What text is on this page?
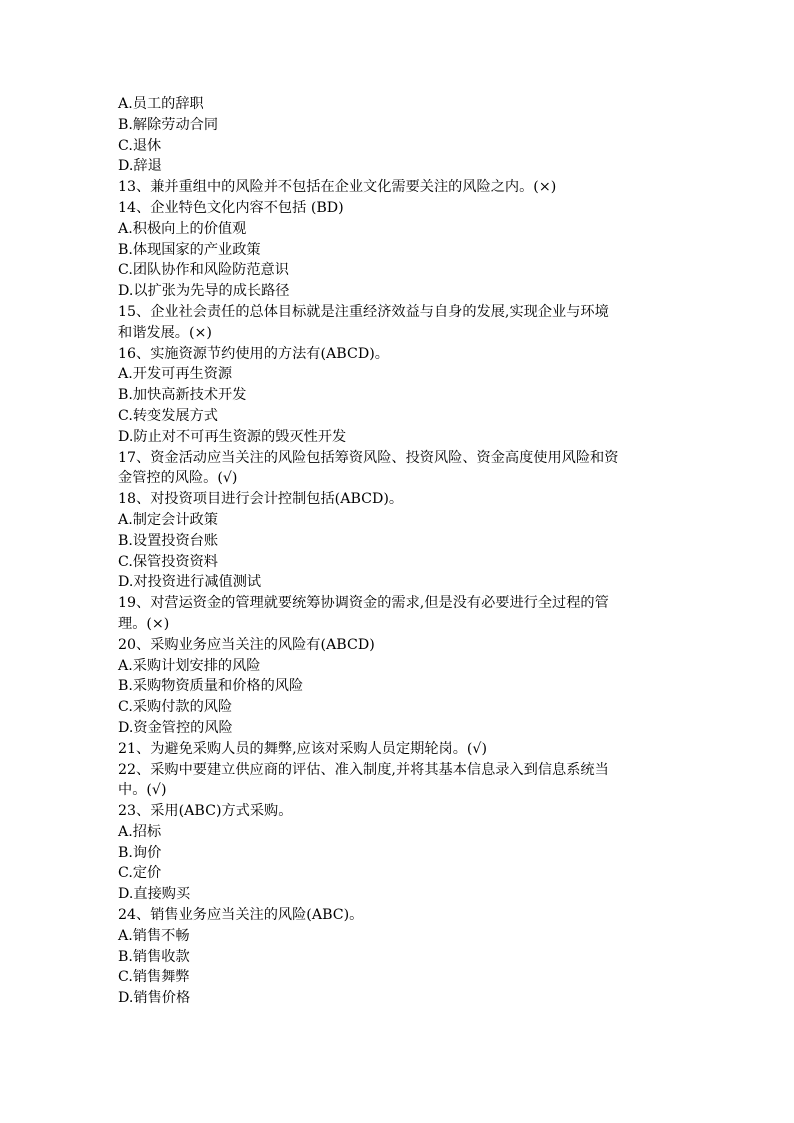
A.员工的辞职
B.解除劳动合同
C.退休
D.辞退
13、兼并重组中的风险并不包括在企业文化需要关注的风险之内。(×)
14、企业特色文化内容不包括 (BD)
A.积极向上的价值观
B.体现国家的产业政策
C.团队协作和风险防范意识
D.以扩张为先导的成长路径
15、企业社会责任的总体目标就是注重经济效益与自身的发展,实现企业与环境
和谐发展。(×)
16、实施资源节约使用的方法有(ABCD)。
A.开发可再生资源
B.加快高新技术开发
C.转变发展方式
D.防止对不可再生资源的毁灭性开发
17、资金活动应当关注的风险包括筹资风险、投资风险、资金高度使用风险和资
金管控的风险。(√)
18、对投资项目进行会计控制包括(ABCD)。
A.制定会计政策
B.设置投资台账
C.保管投资资料
D.对投资进行减值测试
19、对营运资金的管理就要统筹协调资金的需求,但是没有必要进行全过程的管
理。(×)
20、采购业务应当关注的风险有(ABCD)
A.采购计划安排的风险
B.采购物资质量和价格的风险
C.采购付款的风险
D.资金管控的风险
21、为避免采购人员的舞弊,应该对采购人员定期轮岗。(√)
22、采购中要建立供应商的评估、准入制度,并将其基本信息录入到信息系统当
中。(√)
23、采用(ABC)方式采购。
A.招标
B.询价
C.定价
D.直接购买
24、销售业务应当关注的风险(ABC)。
A.销售不畅
B.销售收款
C.销售舞弊
D.销售价格
